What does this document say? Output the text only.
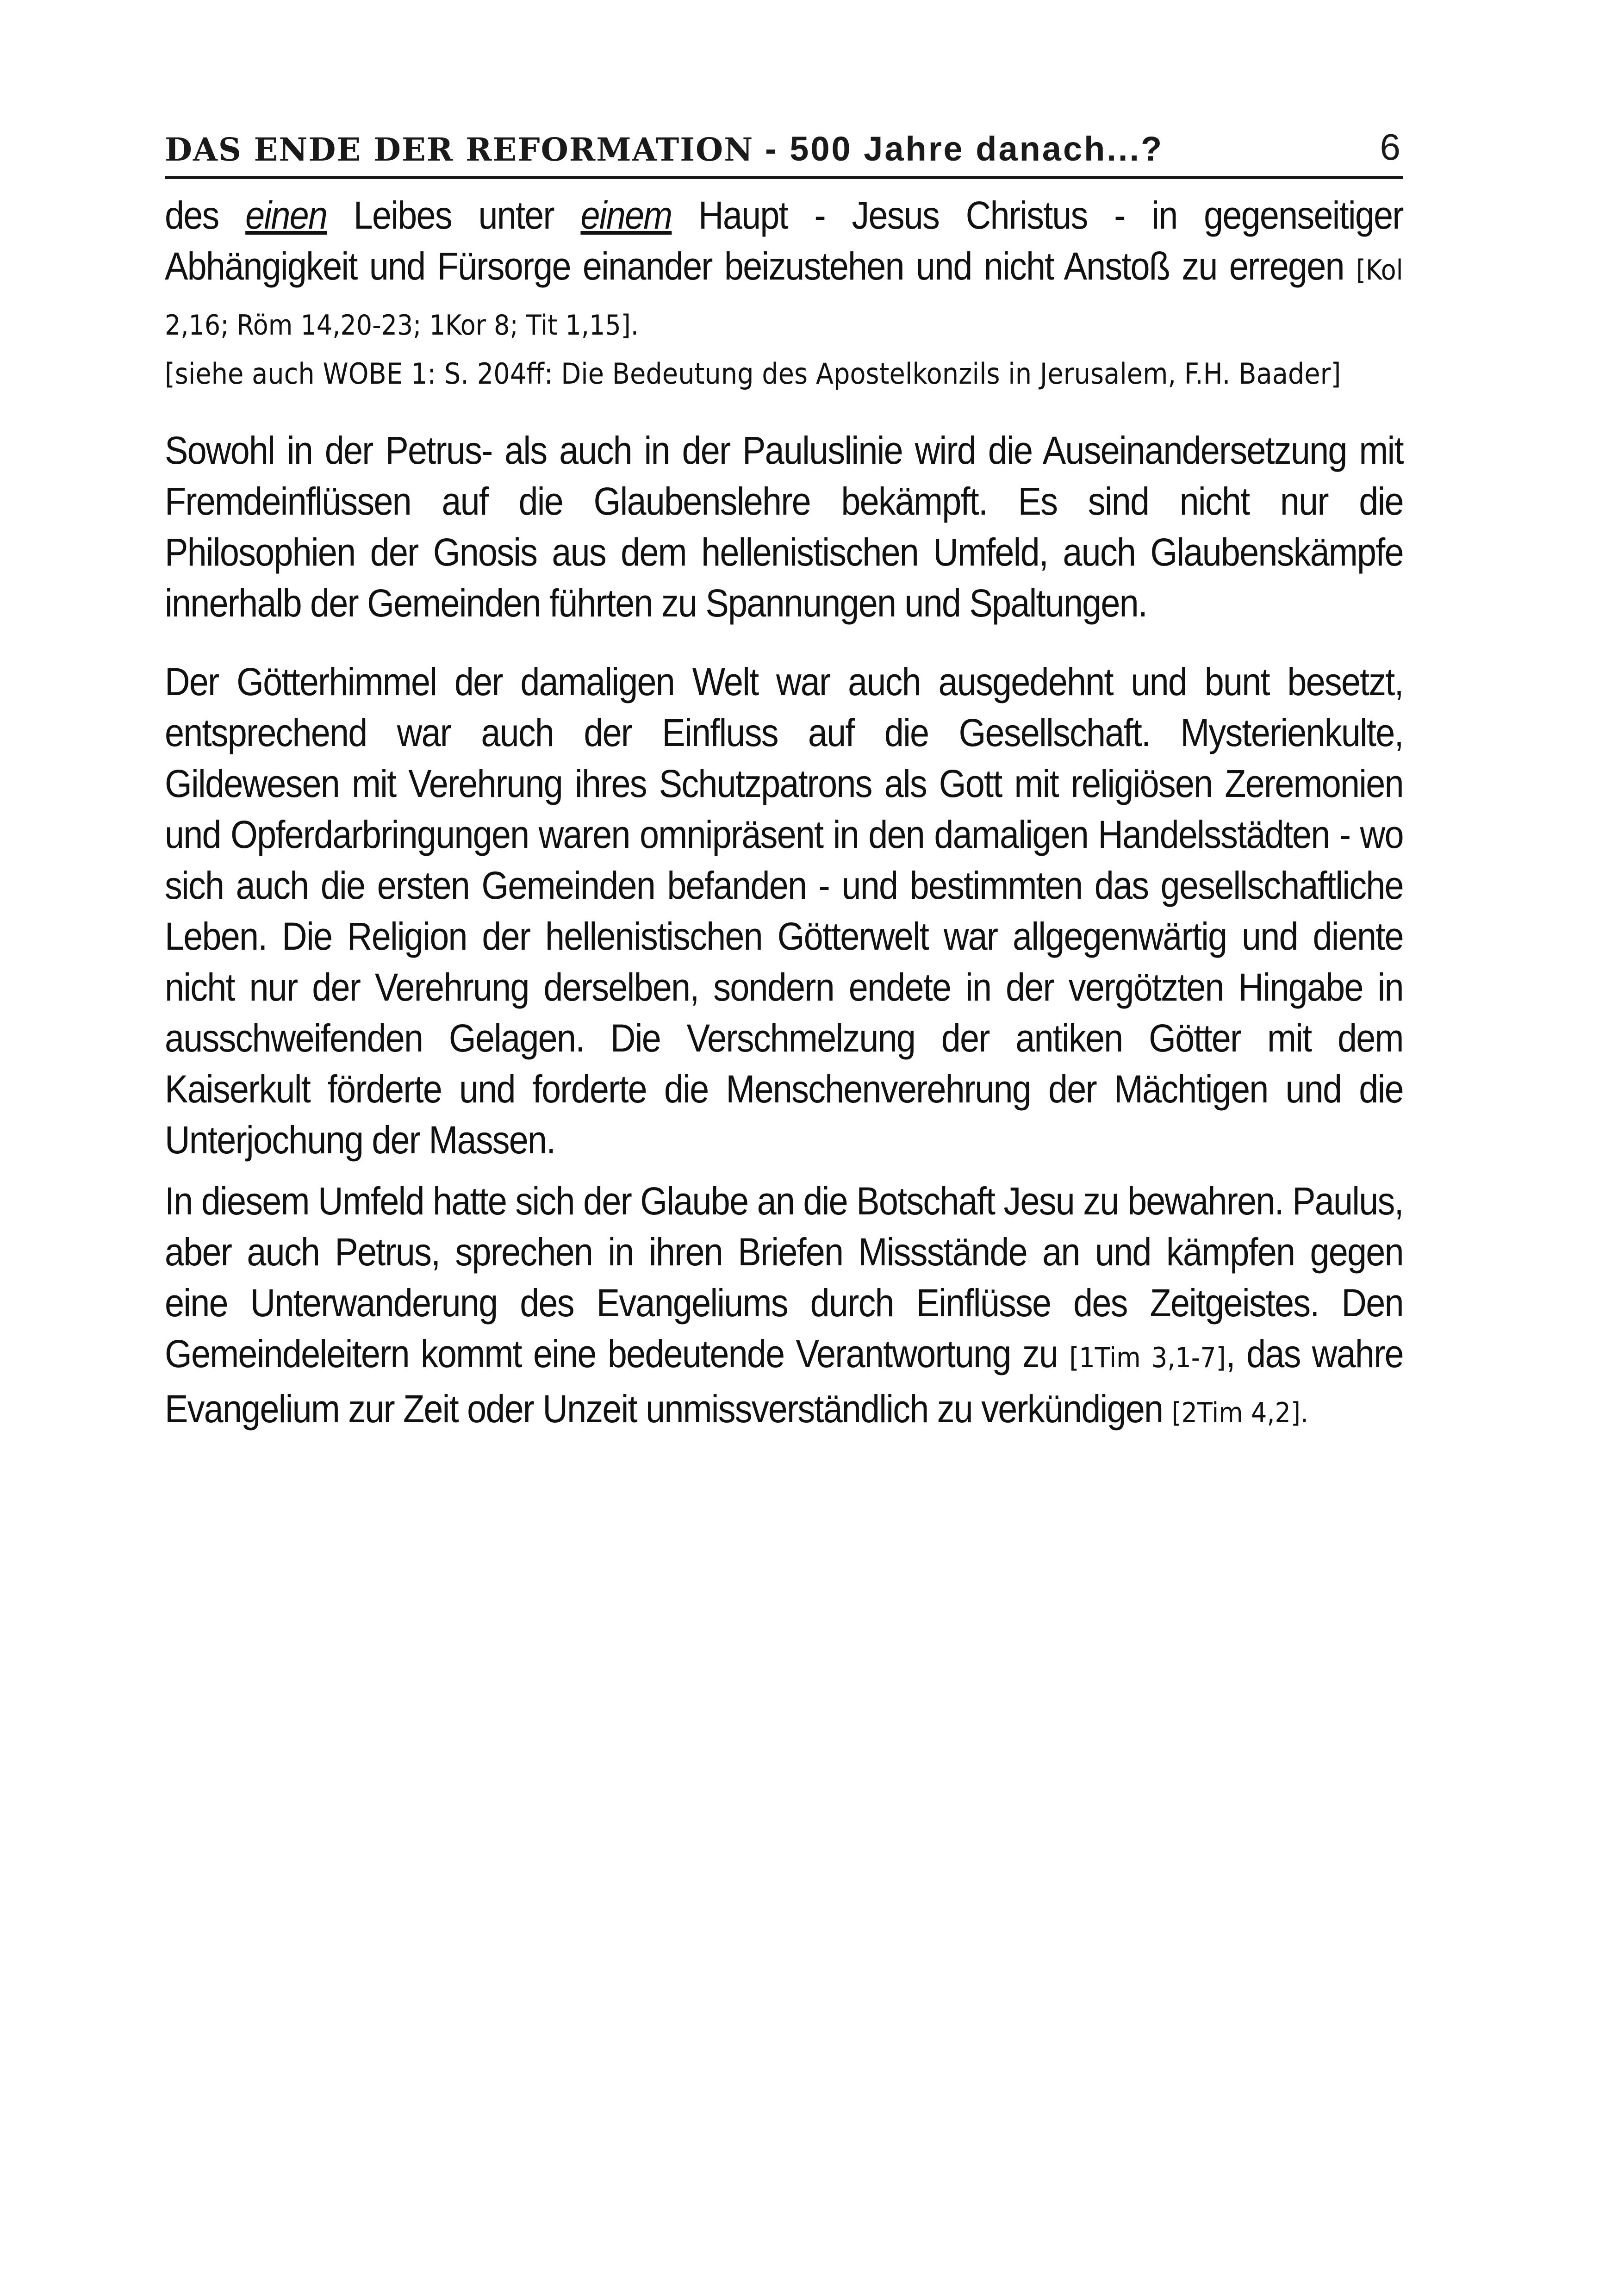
DAS ENDE DER REFORMATION - 500 Jahre danach...?	6

des einen Leibes unter einem Haupt - Jesus Christus - in gegenseitiger Abhängigkeit und Fürsorge einander beizustehen und nicht Anstoß zu erregen [Kol 2,16; Röm 14,20-23; 1Kor 8; Tit 1,15].

[siehe auch WOBE 1: S. 204ff: Die Bedeutung des Apostelkonzils in Jerusalem, F.H. Baader]

Sowohl in der Petrus- als auch in der Pauluslinie wird die Auseinandersetzung mit Fremdeinflüssen auf die Glaubenslehre bekämpft. Es sind nicht nur die Philosophien der Gnosis aus dem hellenistischen Umfeld, auch Glaubenskämpfe innerhalb der Gemeinden führten zu Spannungen und Spaltungen.

Der Götterhimmel der damaligen Welt war auch ausgedehnt und bunt besetzt, entsprechend war auch der Einfluss auf die Gesellschaft. Mysterienkulte, Gildewesen mit Verehrung ihres Schutzpatrons als Gott mit religiösen Zeremonien und Opferdarbringungen waren omnipräsent in den damaligen Handelsstädten - wo sich auch die ersten Gemeinden befanden - und bestimmten das gesellschaftliche Leben. Die Religion der hellenistischen Götterwelt war allgegenwärtig und diente nicht nur der Verehrung derselben, sondern endete in der vergötzten Hingabe in ausschweifenden Gelagen. Die Verschmelzung der antiken Götter mit dem Kaiserkult förderte und forderte die Menschenverehrung der Mächtigen und die Unterjochung der Massen.

In diesem Umfeld hatte sich der Glaube an die Botschaft Jesu zu bewahren. Paulus, aber auch Petrus, sprechen in ihren Briefen Missstände an und kämpfen gegen eine Unterwanderung des Evangeliums durch Einflüsse des Zeitgeistes. Den Gemeindeleitern kommt eine bedeutende Verantwortung zu [1Tim 3,1-7], das wahre Evangelium zur Zeit oder Unzeit unmissverständlich zu verkündigen [2Tim 4,2].
